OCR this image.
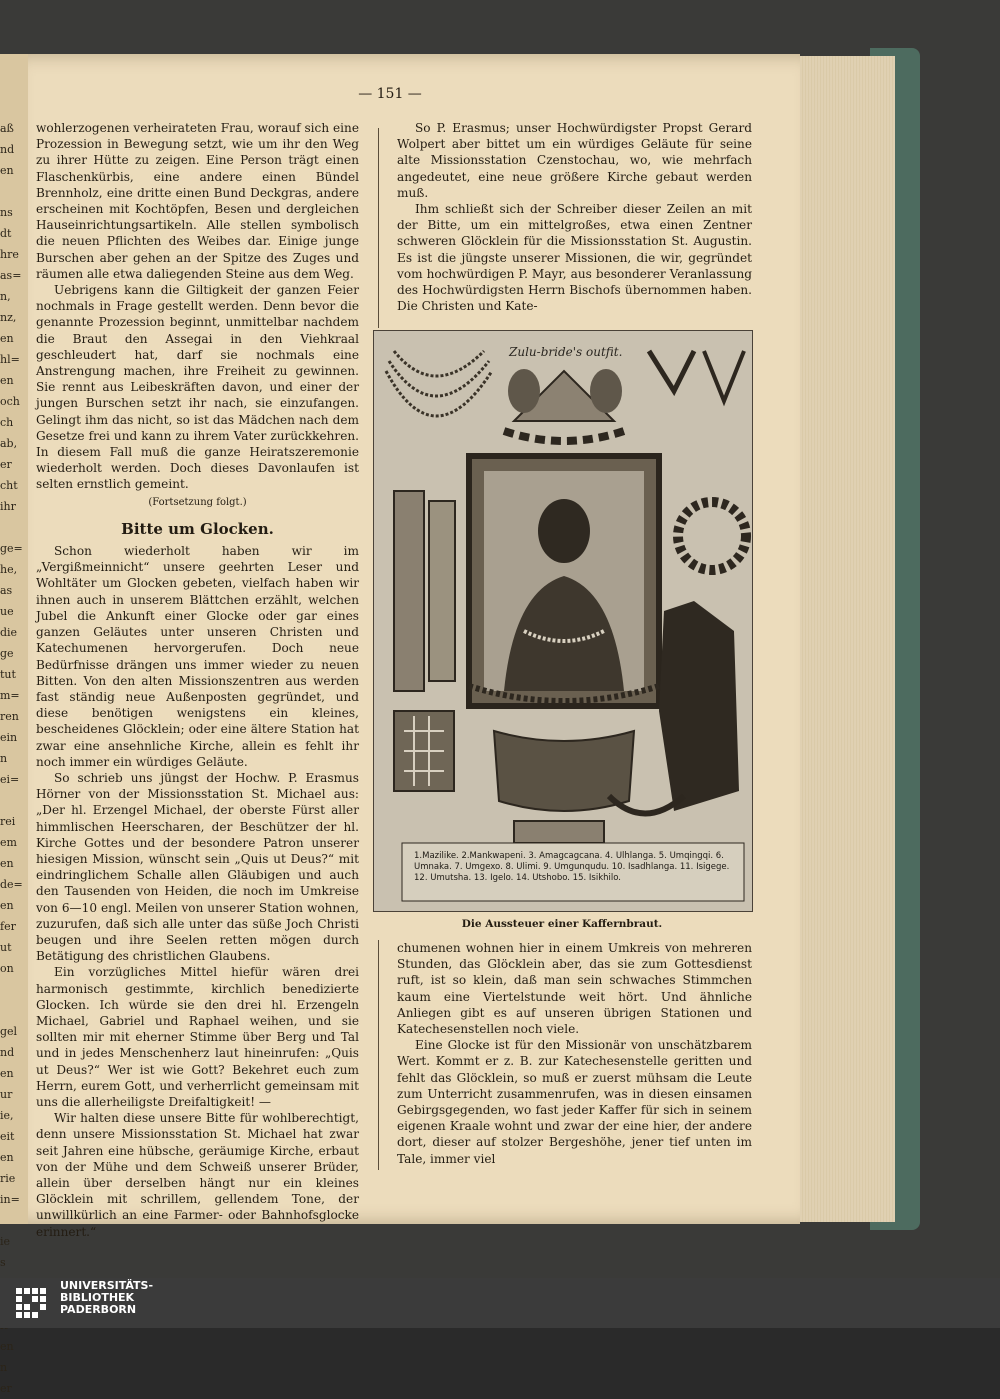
aß
nd
en

ns
dt
hre
as=
n,
nz,
en
hl=
en
och
ch
ab,
er
cht
ihr

ge=
he,
as
ue
die
ge
tut
m=
ren
ein
n
ei=

rei
em
en
de=
en
fer
ut
on

gel
nd
en
ur
ie,
eit
en
rie
in=

ie
s
en
n
er
— 151 —

wohlerzogenen verheirateten Frau, worauf sich eine Prozession in Bewegung setzt, wie um ihr den Weg zu ihrer Hütte zu zeigen. Eine Person trägt einen Flaschenkürbis, eine andere einen Bündel Brennholz, eine dritte einen Bund Deckgras, andere erscheinen mit Kochtöpfen, Besen und dergleichen Hauseinrichtungsartikeln. Alle stellen symbolisch die neuen Pflichten des Weibes dar. Einige junge Burschen aber gehen an der Spitze des Zuges und räumen alle etwa daliegenden Steine aus dem Weg.

Uebrigens kann die Giltigkeit der ganzen Feier nochmals in Frage gestellt werden. Denn bevor die genannte Prozession beginnt, unmittelbar nachdem die Braut den Assegai in den Viehkraal geschleudert hat, darf sie nochmals eine Anstrengung machen, ihre Freiheit zu gewinnen. Sie rennt aus Leibeskräften davon, und einer der jungen Burschen setzt ihr nach, sie einzufangen. Gelingt ihm das nicht, so ist das Mädchen nach dem Gesetze frei und kann zu ihrem Vater zurückkehren. In diesem Fall muß die ganze Heiratszeremonie wiederholt werden. Doch dieses Davonlaufen ist selten ernstlich gemeint.

(Fortsetzung folgt.)

Bitte um Glocken.

Schon wiederholt haben wir im „Vergißmeinnicht“ unsere geehrten Leser und Wohltäter um Glocken gebeten, vielfach haben wir ihnen auch in unserem Blättchen erzählt, welchen Jubel die Ankunft einer Glocke oder gar eines ganzen Geläutes unter unseren Christen und Katechumenen hervorgerufen. Doch neue Bedürfnisse drängen uns immer wieder zu neuen Bitten. Von den alten Missionszentren aus werden fast ständig neue Außenposten gegründet, und diese benötigen wenigstens ein kleines, bescheidenes Glöcklein; oder eine ältere Station hat zwar eine ansehnliche Kirche, allein es fehlt ihr noch immer ein würdiges Geläute.

So schrieb uns jüngst der Hochw. P. Erasmus Hörner von der Missionsstation St. Michael aus: „Der hl. Erzengel Michael, der oberste Fürst aller himmlischen Heerscharen, der Beschützer der hl. Kirche Gottes und der besondere Patron unserer hiesigen Mission, wünscht sein „Quis ut Deus?“ mit eindringlichem Schalle allen Gläubigen und auch den Tausenden von Heiden, die noch im Umkreise von 6—10 engl. Meilen von unserer Station wohnen, zuzurufen, daß sich alle unter das süße Joch Christi beugen und ihre Seelen retten mögen durch Betätigung des christlichen Glaubens.

Ein vorzügliches Mittel hiefür wären drei harmonisch gestimmte, kirchlich benedizierte Glocken. Ich würde sie den drei hl. Erzengeln Michael, Gabriel und Raphael weihen, und sie sollten mir mit eherner Stimme über Berg und Tal und in jedes Menschenherz laut hineinrufen: „Quis ut Deus?“ Wer ist wie Gott? Bekehret euch zum Herrn, eurem Gott, und verherrlicht gemeinsam mit uns die allerheiligste Dreifaltigkeit! —

Wir halten diese unsere Bitte für wohlberechtigt, denn unsere Missionsstation St. Michael hat zwar seit Jahren eine hübsche, geräumige Kirche, erbaut von der Mühe und dem Schweiß unserer Brüder, allein über derselben hängt nur ein kleines Glöcklein mit schrillem, gellendem Tone, der unwillkürlich an eine Farmer- oder Bahnhofsglocke erinnert.“

So P. Erasmus; unser Hochwürdigster Propst Gerard Wolpert aber bittet um ein würdiges Geläute für seine alte Missionsstation Czenstochau, wo, wie mehrfach angedeutet, eine neue größere Kirche gebaut werden muß.

Ihm schließt sich der Schreiber dieser Zeilen an mit der Bitte, um ein mittelgroßes, etwa einen Zentner schweren Glöcklein für die Missionsstation St. Augustin. Es ist die jüngste unserer Missionen, die wir, gegründet vom hochwürdigen P. Mayr, aus besonderer Veranlassung des Hochwürdigsten Herrn Bischofs übernommen haben. Die Christen und Kate-

Zulu-bride's outfit.
1.Mazilike. 2.Mankwapeni. 3. Amagcagcana. 4. Ulhlanga. 5. Umqingqi. 6. Umnaka. 7. Umgexo. 8. Ulimi. 9. Umgunqudu. 10. Isadhlanga. 11. Isigege. 12. Umutsha. 13. Igelo. 14. Utshobo. 15. Isikhilo.
Die Aussteuer einer Kaffernbraut.

chumenen wohnen hier in einem Umkreis von mehreren Stunden, das Glöcklein aber, das sie zum Gottesdienst ruft, ist so klein, daß man sein schwaches Stimmchen kaum eine Viertelstunde weit hört. Und ähnliche Anliegen gibt es auf unseren übrigen Stationen und Katechesenstellen noch viele.

Eine Glocke ist für den Missionär von unschätzbarem Wert. Kommt er z. B. zur Katechesenstelle geritten und fehlt das Glöcklein, so muß er zuerst mühsam die Leute zum Unterricht zusammenrufen, was in diesen einsamen Gebirgsgegenden, wo fast jeder Kaffer für sich in seinem eigenen Kraale wohnt und zwar der eine hier, der andere dort, dieser auf stolzer Bergeshöhe, jener tief unten im Tale, immer viel

UNIVERSITÄTS-
BIBLIOTHEK
PADERBORN
